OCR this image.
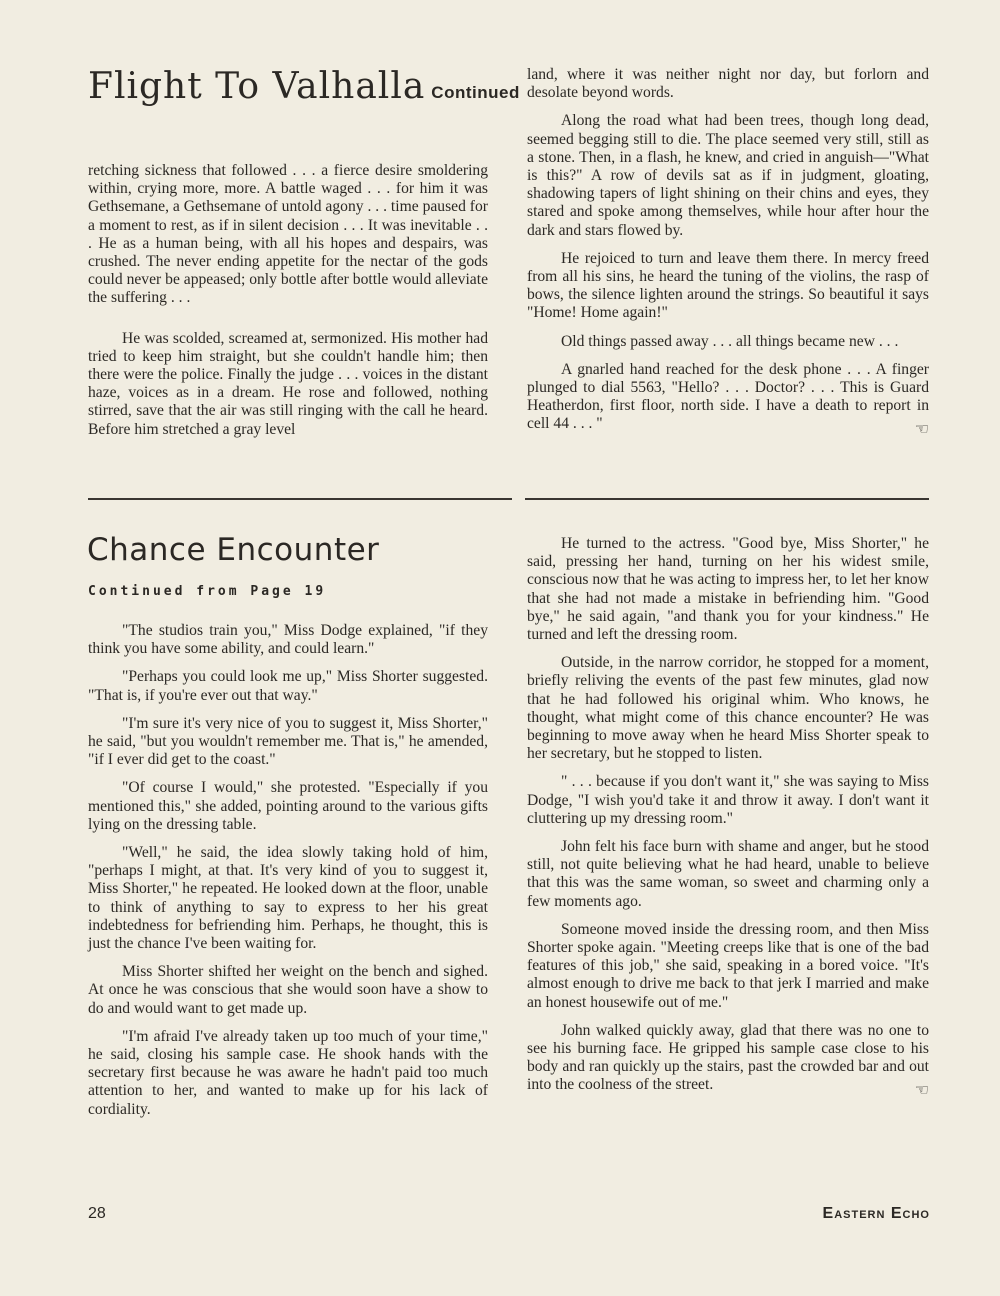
Flight To Valhalla Continued

retching sickness that followed . . . a fierce desire smoldering within, crying more, more. A battle waged . . . for him it was Gethsemane, a Gethsemane of untold agony . . . time paused for a moment to rest, as if in silent decision . . . It was inevitable . . . He as a human being, with all his hopes and despairs, was crushed. The never ending appetite for the nectar of the gods could never be appeased; only bottle after bottle would alleviate the suffering . . .

He was scolded, screamed at, sermonized. His mother had tried to keep him straight, but she couldn't handle him; then there were the police. Finally the judge . . . voices in the distant haze, voices as in a dream. He rose and followed, nothing stirred, save that the air was still ringing with the call he heard. Before him stretched a gray level

land, where it was neither night nor day, but forlorn and desolate beyond words.

Along the road what had been trees, though long dead, seemed begging still to die. The place seemed very still, still as a stone. Then, in a flash, he knew, and cried in anguish—"What is this?" A row of devils sat as if in judgment, gloating, shadowing tapers of light shining on their chins and eyes, they stared and spoke among themselves, while hour after hour the dark and stars flowed by.

He rejoiced to turn and leave them there. In mercy freed from all his sins, he heard the tuning of the violins, the rasp of bows, the silence lighten around the strings. So beautiful it says "Home! Home again!"

Old things passed away . . . all things became new . . .

A gnarled hand reached for the desk phone . . . A finger plunged to dial 5563, "Hello? . . . Doctor? . . . This is Guard Heatherdon, first floor, north side. I have a death to report in cell 44 . . . "	☜
Chance Encounter
Continued from Page 19

"The studios train you," Miss Dodge explained, "if they think you have some ability, and could learn."

"Perhaps you could look me up," Miss Shorter suggested. "That is, if you're ever out that way."

"I'm sure it's very nice of you to suggest it, Miss Shorter," he said, "but you wouldn't remember me. That is," he amended, "if I ever did get to the coast."

"Of course I would," she protested. "Especially if you mentioned this," she added, pointing around to the various gifts lying on the dressing table.

"Well," he said, the idea slowly taking hold of him, "perhaps I might, at that. It's very kind of you to suggest it, Miss Shorter," he repeated. He looked down at the floor, unable to think of anything to say to express to her his great indebtedness for befriending him. Perhaps, he thought, this is just the chance I've been waiting for.

Miss Shorter shifted her weight on the bench and sighed. At once he was conscious that she would soon have a show to do and would want to get made up.

"I'm afraid I've already taken up too much of your time," he said, closing his sample case. He shook hands with the secretary first because he was aware he hadn't paid too much attention to her, and wanted to make up for his lack of cordiality.

He turned to the actress. "Good bye, Miss Shorter," he said, pressing her hand, turning on her his widest smile, conscious now that he was acting to impress her, to let her know that she had not made a mistake in befriending him. "Good bye," he said again, "and thank you for your kindness." He turned and left the dressing room.

Outside, in the narrow corridor, he stopped for a moment, briefly reliving the events of the past few minutes, glad now that he had followed his original whim. Who knows, he thought, what might come of this chance encounter? He was beginning to move away when he heard Miss Shorter speak to her secretary, but he stopped to listen.

" . . . because if you don't want it," she was saying to Miss Dodge, "I wish you'd take it and throw it away. I don't want it cluttering up my dressing room."

John felt his face burn with shame and anger, but he stood still, not quite believing what he had heard, unable to believe that this was the same woman, so sweet and charming only a few moments ago.

Someone moved inside the dressing room, and then Miss Shorter spoke again. "Meeting creeps like that is one of the bad features of this job," she said, speaking in a bored voice. "It's almost enough to drive me back to that jerk I married and make an honest housewife out of me."

John walked quickly away, glad that there was no one to see his burning face. He gripped his sample case close to his body and ran quickly up the stairs, past the crowded bar and out into the coolness of the street.	☜
28	Eastern Echo
